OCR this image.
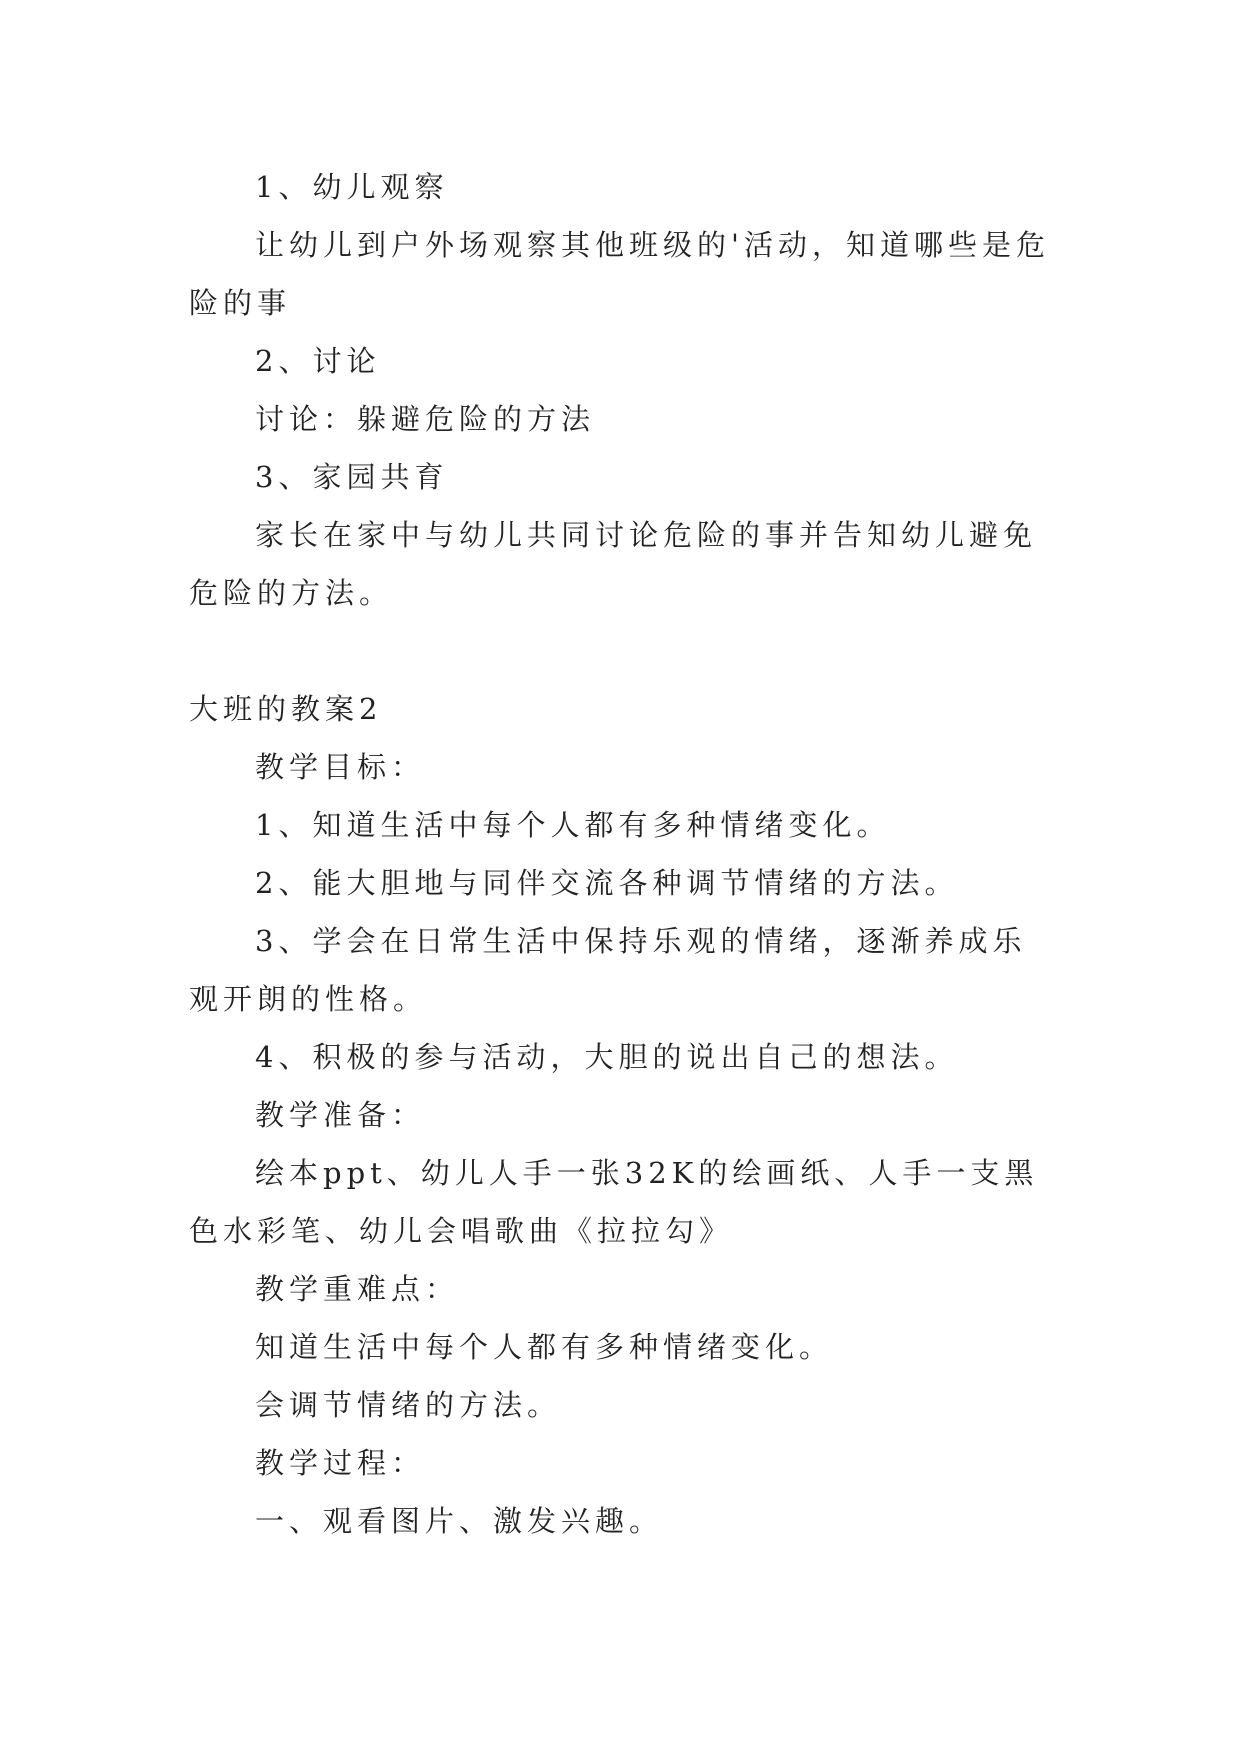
1、幼儿观察

让幼儿到户外场观察其他班级的'活动，知道哪些是危险的事

2、讨论

讨论：躲避危险的方法

3、家园共育

家长在家中与幼儿共同讨论危险的事并告知幼儿避免危险的方法。

大班的教案2

教学目标：

1、知道生活中每个人都有多种情绪变化。

2、能大胆地与同伴交流各种调节情绪的方法。

3、学会在日常生活中保持乐观的情绪，逐渐养成乐观开朗的性格。

4、积极的参与活动，大胆的说出自己的想法。

教学准备：

绘本ppt、幼儿人手一张32K的绘画纸、人手一支黑色水彩笔、幼儿会唱歌曲《拉拉勾》

教学重难点：

知道生活中每个人都有多种情绪变化。

会调节情绪的方法。

教学过程：

一、观看图片、激发兴趣。
